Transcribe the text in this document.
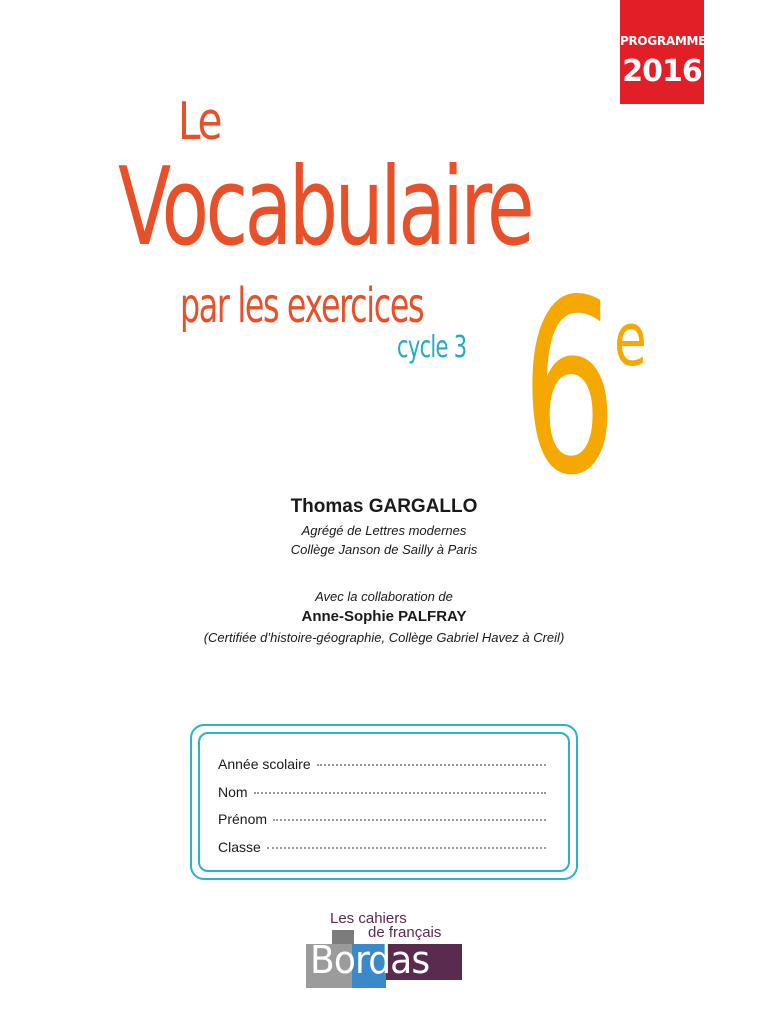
PROGRAMME
2016
Le
Vocabulaire
par les exercices
cycle 3 6
e
Thomas GARGALLO
Agrégé de Lettres modernes
Collège Janson de Sailly à Paris
Avec la collaboration de
Anne-Sophie PALFRAY
(Certifiée d’histoire-géographie, Collège Gabriel Havez à Creil)
Année scolaire
Nom
Prénom
Classe
Les cahiers
de français
Bordas
